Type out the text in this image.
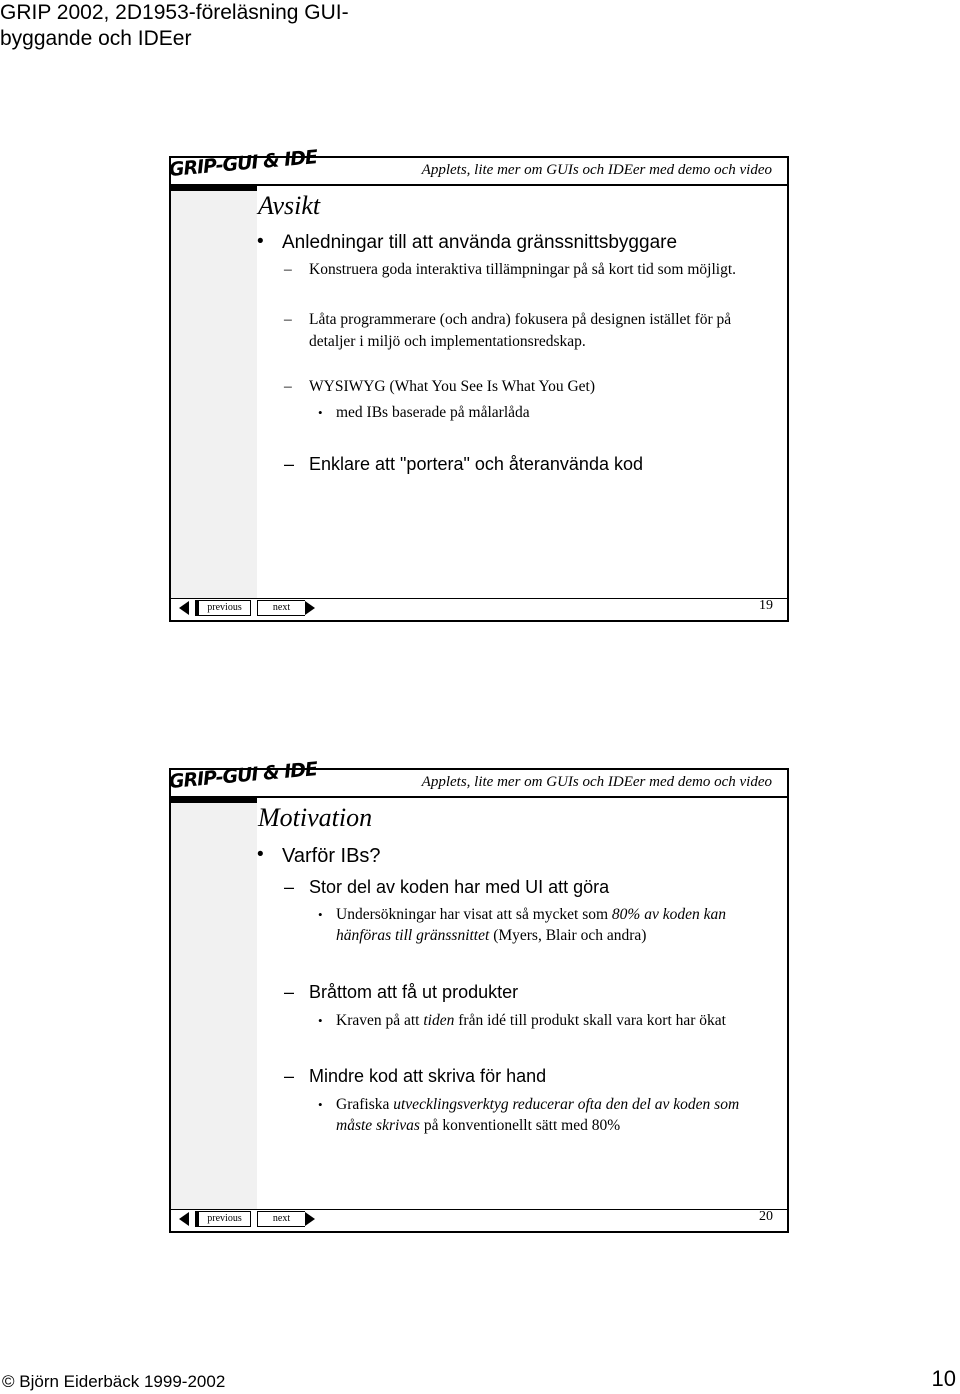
GRIP 2002, 2D1953-föreläsning GUI-
byggande och IDEer
GRIP-GUI & IDE	Applets, lite mer om GUIs och IDEer med demo och video
Avsikt
• Anledningar till att använda gränssnittsbyggare
– Konstruera goda interaktiva tillämpningar på så kort tid som möjligt.
– Låta programmerare (och andra) fokusera på designen istället för på
detaljer i miljö och implementationsredskap.
– WYSIWYG (What You See Is What You Get)
• med IBs baserade på målarlåda
– Enklare att "portera" och återanvända kod
previous	next	19
GRIP-GUI & IDE	Applets, lite mer om GUIs och IDEer med demo och video
Motivation
• Varför IBs?
– Stor del av koden har med UI att göra
• Undersökningar har visat att så mycket som 80% av koden kan
hänföras till gränssnittet (Myers, Blair och andra)
– Bråttom att få ut produkter
• Kraven på att tiden från idé till produkt skall vara kort har ökat
– Mindre kod att skriva för hand
• Grafiska utvecklingsverktyg reducerar ofta den del av koden som
måste skrivas på konventionellt sätt med 80%
previous	next	20
© Björn Eiderbäck 1999-2002	10
